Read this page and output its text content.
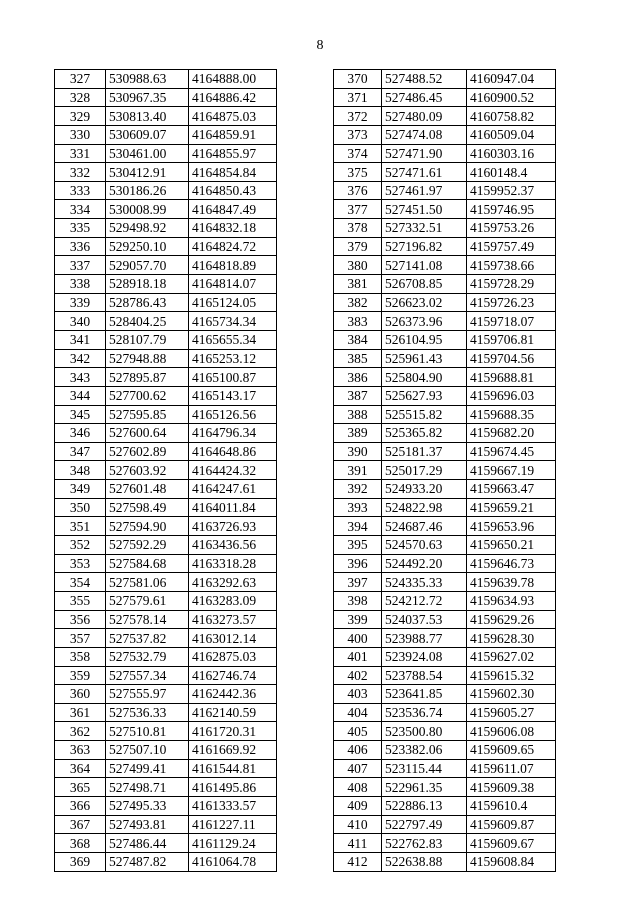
8
327	530988.63	4164888.00
328	530967.35	4164886.42
329	530813.40	4164875.03
330	530609.07	4164859.91
331	530461.00	4164855.97
332	530412.91	4164854.84
333	530186.26	4164850.43
334	530008.99	4164847.49
335	529498.92	4164832.18
336	529250.10	4164824.72
337	529057.70	4164818.89
338	528918.18	4164814.07
339	528786.43	4165124.05
340	528404.25	4165734.34
341	528107.79	4165655.34
342	527948.88	4165253.12
343	527895.87	4165100.87
344	527700.62	4165143.17
345	527595.85	4165126.56
346	527600.64	4164796.34
347	527602.89	4164648.86
348	527603.92	4164424.32
349	527601.48	4164247.61
350	527598.49	4164011.84
351	527594.90	4163726.93
352	527592.29	4163436.56
353	527584.68	4163318.28
354	527581.06	4163292.63
355	527579.61	4163283.09
356	527578.14	4163273.57
357	527537.82	4163012.14
358	527532.79	4162875.03
359	527557.34	4162746.74
360	527555.97	4162442.36
361	527536.33	4162140.59
362	527510.81	4161720.31
363	527507.10	4161669.92
364	527499.41	4161544.81
365	527498.71	4161495.86
366	527495.33	4161333.57
367	527493.81	4161227.11
368	527486.44	4161129.24
369	527487.82	4161064.78
370	527488.52	4160947.04
371	527486.45	4160900.52
372	527480.09	4160758.82
373	527474.08	4160509.04
374	527471.90	4160303.16
375	527471.61	4160148.4
376	527461.97	4159952.37
377	527451.50	4159746.95
378	527332.51	4159753.26
379	527196.82	4159757.49
380	527141.08	4159738.66
381	526708.85	4159728.29
382	526623.02	4159726.23
383	526373.96	4159718.07
384	526104.95	4159706.81
385	525961.43	4159704.56
386	525804.90	4159688.81
387	525627.93	4159696.03
388	525515.82	4159688.35
389	525365.82	4159682.20
390	525181.37	4159674.45
391	525017.29	4159667.19
392	524933.20	4159663.47
393	524822.98	4159659.21
394	524687.46	4159653.96
395	524570.63	4159650.21
396	524492.20	4159646.73
397	524335.33	4159639.78
398	524212.72	4159634.93
399	524037.53	4159629.26
400	523988.77	4159628.30
401	523924.08	4159627.02
402	523788.54	4159615.32
403	523641.85	4159602.30
404	523536.74	4159605.27
405	523500.80	4159606.08
406	523382.06	4159609.65
407	523115.44	4159611.07
408	522961.35	4159609.38
409	522886.13	4159610.4
410	522797.49	4159609.87
411	522762.83	4159609.67
412	522638.88	4159608.84
